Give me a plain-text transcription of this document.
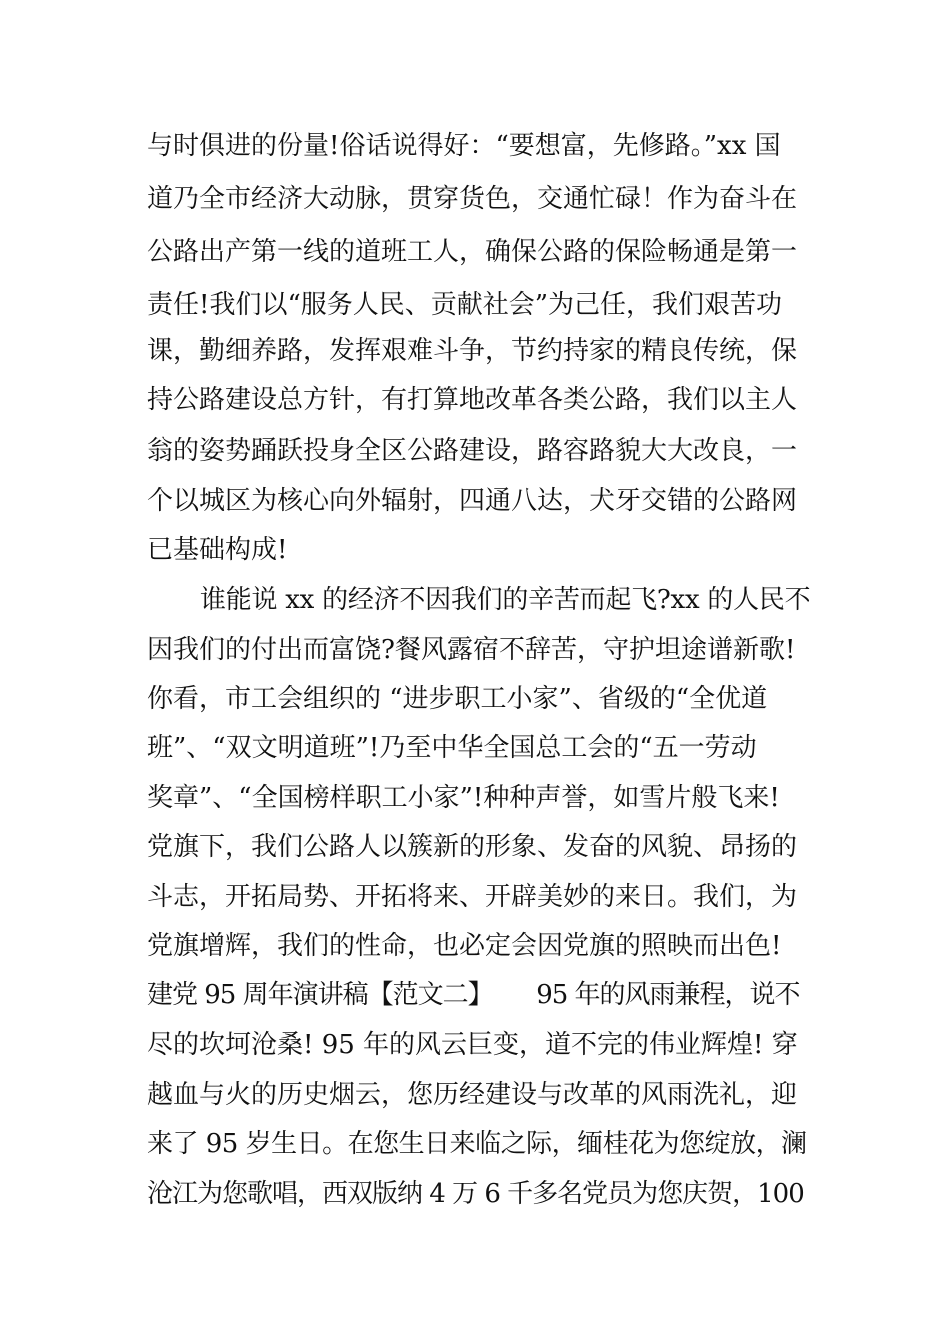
与时俱进的份量!俗话说得好：“要想富，先修路。”xx 国
道乃全市经济大动脉，贯穿货色，交通忙碌！作为奋斗在
公路出产第一线的道班工人，确保公路的保险畅通是第一
责任!我们以“服务人民、贡献社会”为己任，我们艰苦功
课，勤细养路，发挥艰难斗争，节约持家的精良传统，保
持公路建设总方针，有打算地改革各类公路，我们以主人
翁的姿势踊跃投身全区公路建设，路容路貌大大改良，一
个以城区为核心向外辐射，四通八达，犬牙交错的公路网
已基础构成!
谁能说 xx 的经济不因我们的辛苦而起飞?xx 的人民不
因我们的付出而富饶?餐风露宿不辞苦，守护坦途谱新歌!
你看，市工会组织的 “进步职工小家”、省级的“全优道
班”、“双文明道班”!乃至中华全国总工会的“五一劳动
奖章”、“全国榜样职工小家”!种种声誉，如雪片般飞来!
党旗下，我们公路人以簇新的形象、发奋的风貌、昂扬的
斗志，开拓局势、开拓将来、开辟美妙的来日。我们，为
党旗增辉，我们的性命，也必定会因党旗的照映而出色!
建党 95 周年演讲稿【范文二】      95 年的风雨兼程，说不
尽的坎坷沧桑! 95 年的风云巨变，道不完的伟业辉煌! 穿
越血与火的历史烟云，您历经建设与改革的风雨洗礼，迎
来了 95 岁生日。在您生日来临之际，缅桂花为您绽放，澜
沧江为您歌唱，西双版纳 4 万 6 千多名党员为您庆贺，100
